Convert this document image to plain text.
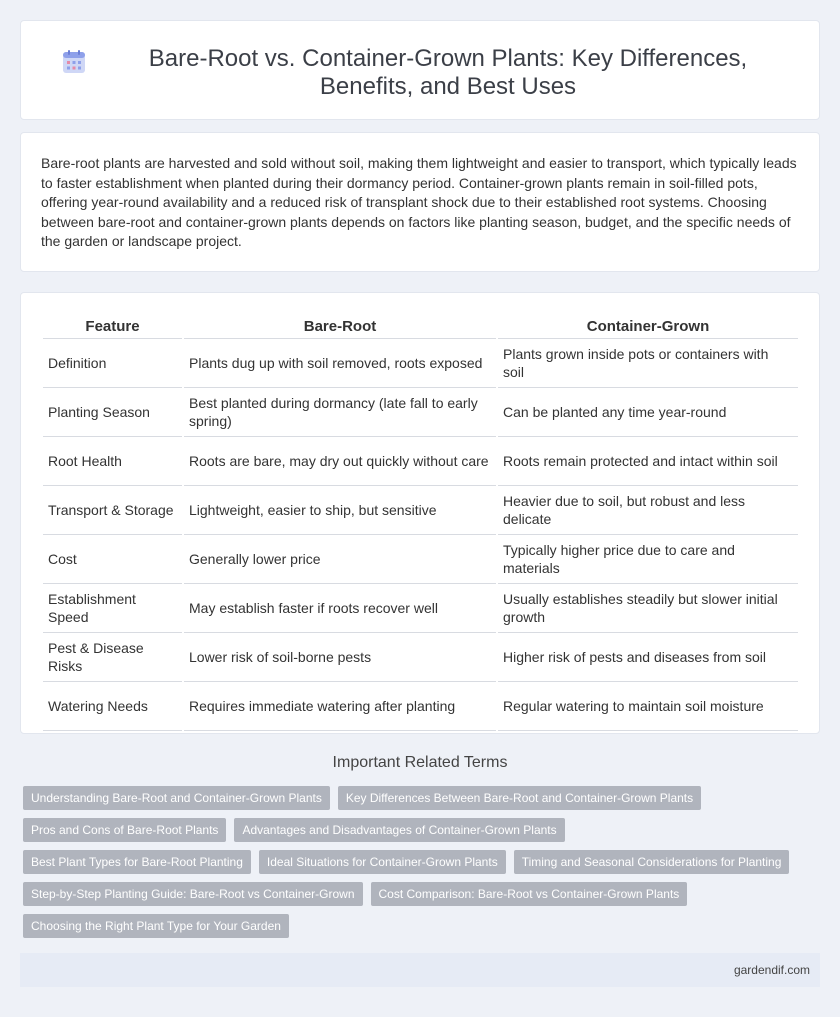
Bare-Root vs. Container-Grown Plants: Key Differences, Benefits, and Best Uses

Bare-root plants are harvested and sold without soil, making them lightweight and easier to transport, which typically leads to faster establishment when planted during their dormancy period. Container-grown plants remain in soil-filled pots, offering year-round availability and a reduced risk of transplant shock due to their established root systems. Choosing between bare-root and container-grown plants depends on factors like planting season, budget, and the specific needs of the garden or landscape project.

Feature	Bare-Root	Container-Grown
Definition	Plants dug up with soil removed, roots exposed	Plants grown inside pots or containers with soil
Planting Season	Best planted during dormancy (late fall to early spring)	Can be planted any time year-round
Root Health	Roots are bare, may dry out quickly without care	Roots remain protected and intact within soil
Transport & Storage	Lightweight, easier to ship, but sensitive	Heavier due to soil, but robust and less delicate
Cost	Generally lower price	Typically higher price due to care and materials
Establishment Speed	May establish faster if roots recover well	Usually establishes steadily but slower initial growth
Pest & Disease Risks	Lower risk of soil-borne pests	Higher risk of pests and diseases from soil
Watering Needs	Requires immediate watering after planting	Regular watering to maintain soil moisture
Important Related Terms
Understanding Bare-Root and Container-Grown Plants	Key Differences Between Bare-Root and Container-Grown Plants
Pros and Cons of Bare-Root Plants	Advantages and Disadvantages of Container-Grown Plants
Best Plant Types for Bare-Root Planting	Ideal Situations for Container-Grown Plants	Timing and Seasonal Considerations for Planting
Step-by-Step Planting Guide: Bare-Root vs Container-Grown	Cost Comparison: Bare-Root vs Container-Grown Plants
Choosing the Right Plant Type for Your Garden
gardendif.com
